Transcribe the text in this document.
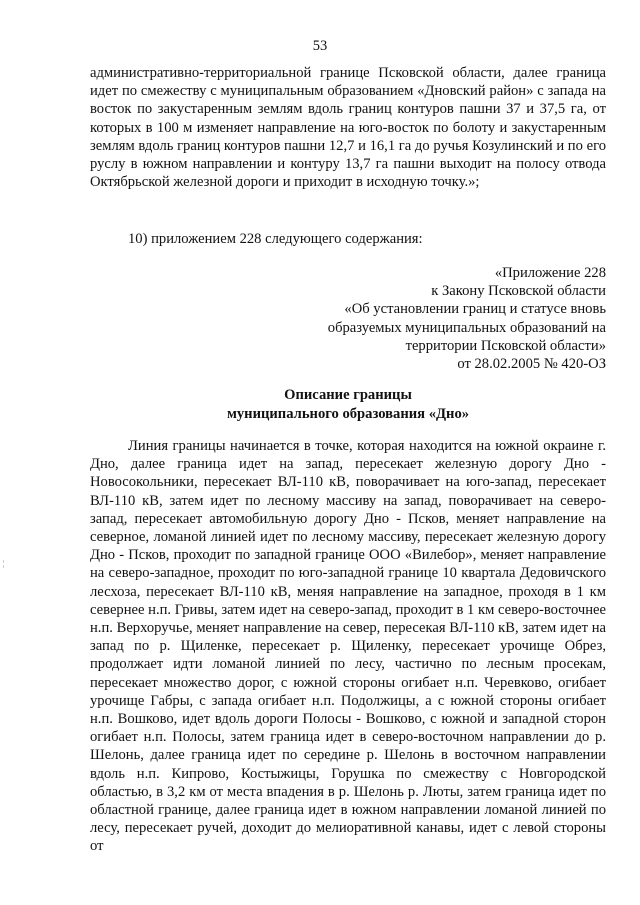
53

административно-территориальной границе Псковской области, далее граница идет по смежеству с муниципальным образованием «Дновский район» с запада на восток по закустаренным землям вдоль границ контуров пашни 37 и 37,5 га, от которых в 100 м изменяет направление на юго-восток по болоту и закустаренным землям вдоль границ контуров пашни 12,7 и 16,1 га до ручья Козулинский и по его руслу в южном направлении и контуру 13,7 га пашни выходит на полосу отвода Октябрьской железной дороги и приходит в исходную точку.»;

10) приложением 228 следующего содержания:

«Приложение 228
к Закону Псковской области
«Об установлении границ и статусе вновь
образуемых муниципальных образований на
территории Псковской области»
от 28.02.2005 № 420-ОЗ
Описание границы
муниципального образования «Дно»

Линия границы начинается в точке, которая находится на южной окраине г. Дно, далее граница идет на запад, пересекает железную дорогу Дно - Новосокольники, пересекает ВЛ-110 кВ, поворачивает на юго-запад, пересекает ВЛ-110 кВ, затем идет по лесному массиву на запад, поворачивает на северо-запад, пересекает автомобильную дорогу Дно - Псков, меняет направление на северное, ломаной линией идет по лесному массиву, пересекает железную дорогу Дно - Псков, проходит по западной границе ООО «Вилебор», меняет направление на северо-западное, проходит по юго-западной границе 10 квартала Дедовичского лесхоза, пересекает ВЛ-110 кВ, меняя направление на западное, проходя в 1 км севернее н.п. Гривы, затем идет на северо-запад, проходит в 1 км северо-восточнее н.п. Верхоручье, меняет направление на север, пересекая ВЛ-110 кВ, затем идет на запад по р. Щиленке, пересекает р. Щиленку, пересекает урочище Обрез, продолжает идти ломаной линией по лесу, частично по лесным просекам, пересекает множество дорог, с южной стороны огибает н.п. Черевково, огибает урочище Габры, с запада огибает н.п. Подолжицы, а с южной стороны огибает н.п. Вошково, идет вдоль дороги Полосы - Вошково, с южной и западной сторон огибает н.п. Полосы, затем граница идет в северо-восточном направлении до р. Шелонь, далее граница идет по середине р. Шелонь в восточном направлении вдоль н.п. Кипрово, Костыжицы, Горушка по смежеству с Новгородской областью, в 3,2 км от места впадения в р. Шелонь р. Люты, затем граница идет по областной границе, далее граница идет в южном направлении ломаной линией по лесу, пересекает ручей, доходит до мелиоративной канавы, идет с левой стороны от
